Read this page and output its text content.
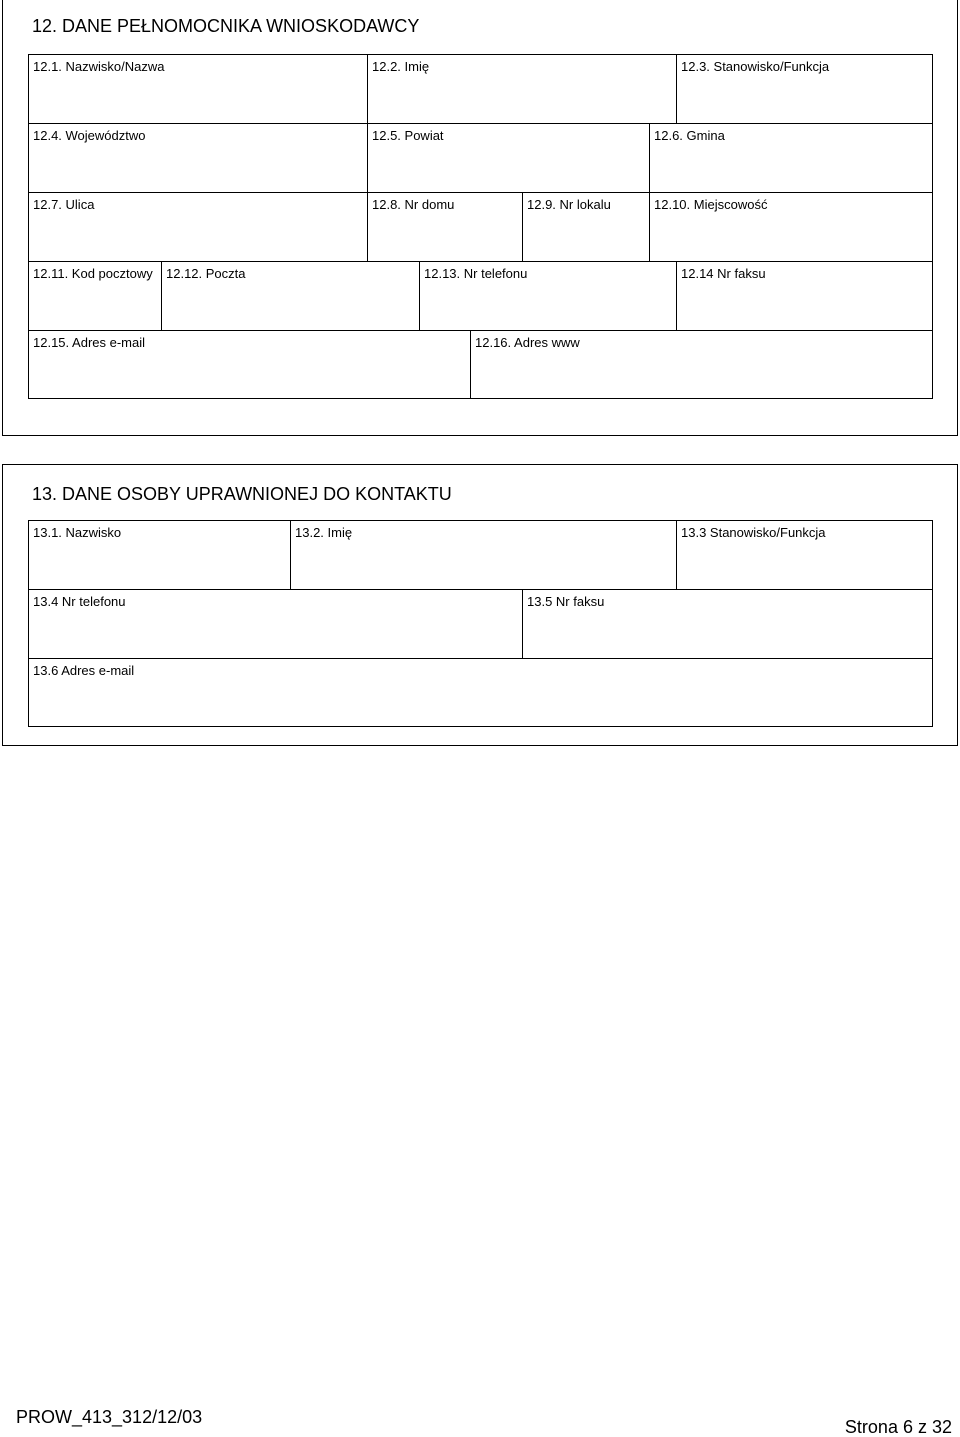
12. DANE PEŁNOMOCNIKA WNIOSKODAWCY
12.1. Nazwisko/Nazwa	12.2. Imię	12.3. Stanowisko/Funkcja
12.4. Województwo	12.5. Powiat	12.6. Gmina
12.7. Ulica	12.8. Nr domu	12.9. Nr lokalu	12.10. Miejscowość
12.11. Kod pocztowy 12.12. Poczta	12.13. Nr telefonu	12.14 Nr faksu
12.15. Adres e-mail	12.16. Adres www
13. DANE OSOBY UPRAWNIONEJ DO KONTAKTU
13.1. Nazwisko	13.2. Imię	13.3 Stanowisko/Funkcja
13.4 Nr telefonu	13.5 Nr faksu
13.6 Adres e-mail
PROW_413_312/12/03	Strona 6 z 32
